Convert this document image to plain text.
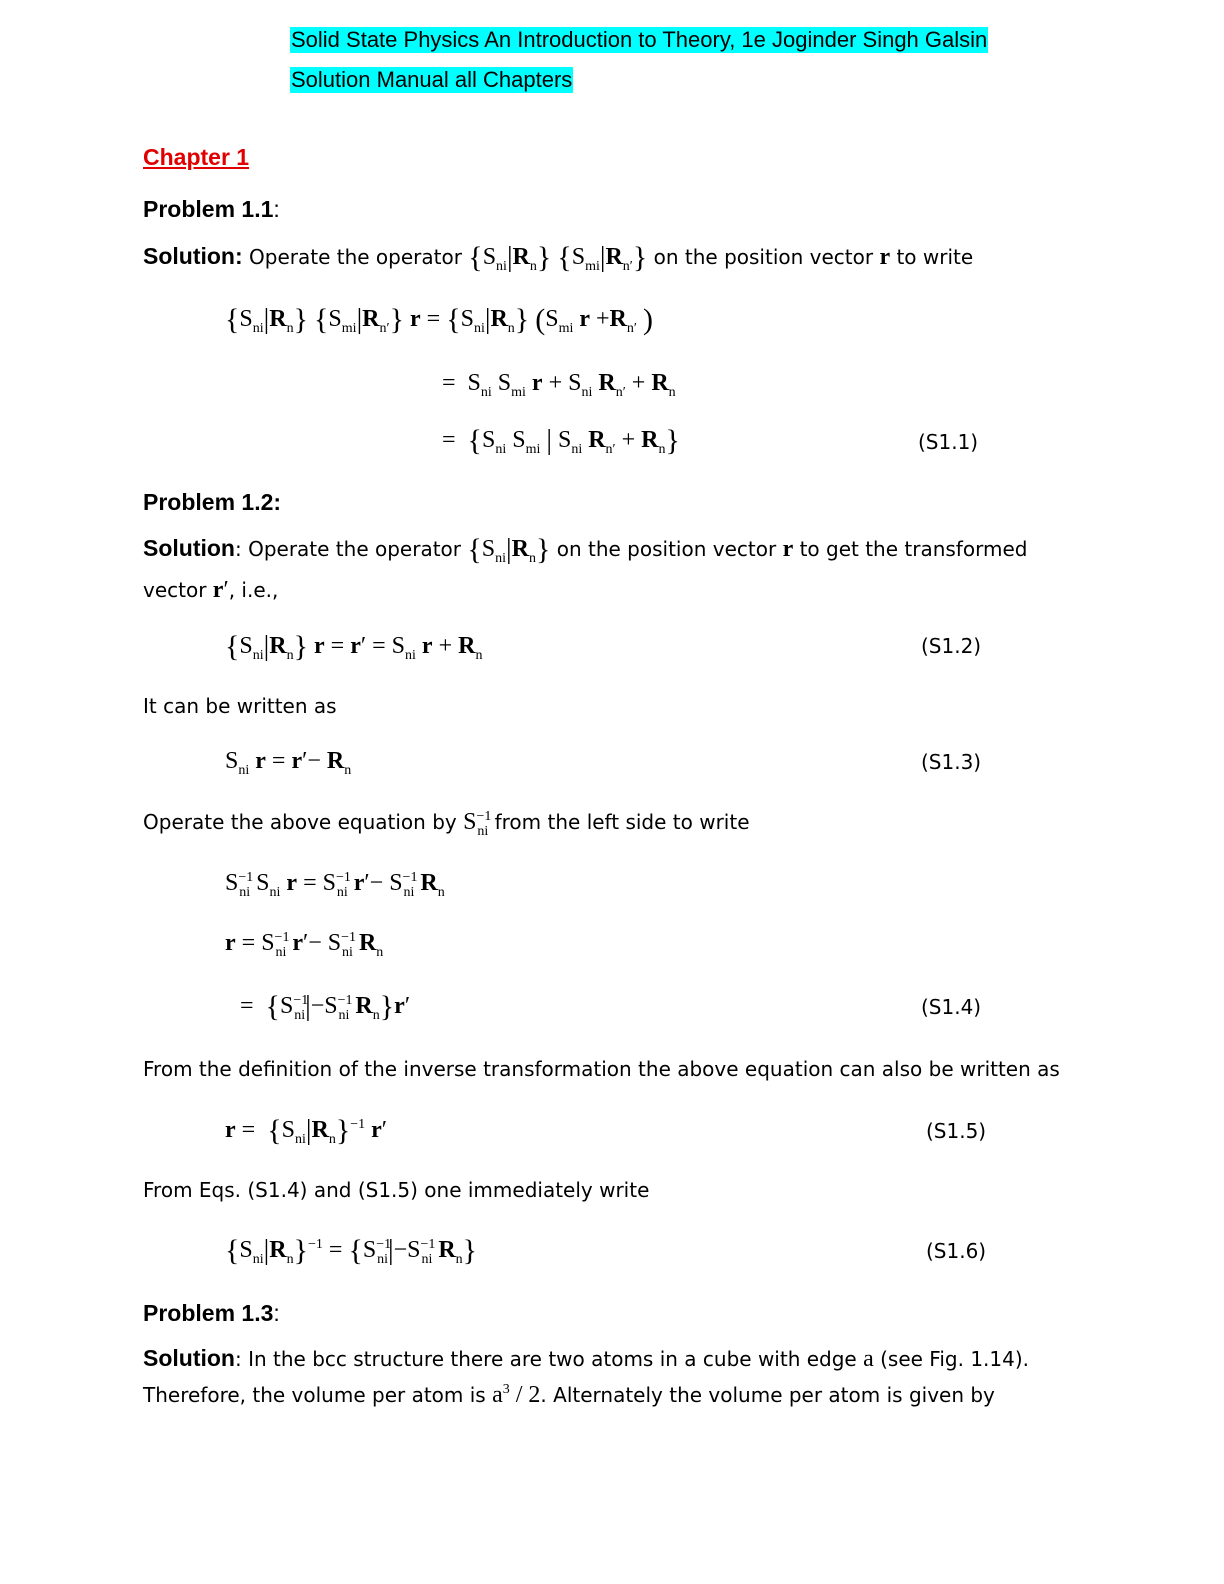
Solid State Physics An Introduction to Theory, 1e Joginder Singh Galsin
Solution Manual all Chapters
Chapter 1
Problem 1.1:
Solution: Operate the operator $\{S_{ni}|R_n\}$ $\{S_{mi}|R_{n'}\}$ on the position vector r to write
$\{S_{ni}|R_n\}$ $\{S_{mi}|R_{n'}\} r = \{S_{ni}|R_n\}$ ($S_{mi}$ $r +R_{n'}$ )
=  $S_{ni}$ $S_{mi}$ $r + S_{ni}$ $R_{n'} + R_n$
=  {$S_{ni}$ $S_{mi}$ | $S_{ni}$ $R_{n'} + R_n$}	(S1.1)
Problem 1.2:
Solution: Operate the operator $\{S_{ni}|R_n\}$ on the position vector r to get the transformed
vector r′, i.e.,
$\{S_{ni}|R_n\} r = r' = S_{ni}$ $r + R_n$	(S1.2)
It can be written as
$S_{ni}$ $r = r'- R_n$	(S1.3)
Operate the above equation by $S^{-1}_{ni}$ from the left side to write
$S^{-1}_{ni}$ $S_{ni}$ $r = S^{-1}_{ni}$ $r'- S^{-1}_{ni}$ $R_n$
$r = S^{-1}_{ni}$ $r'- S^{-1}_{ni}$ $R_n$
=  {$S^{-1}_{ni}|-S^{-1}_{ni}$ $R_n\}r'$	(S1.4)
From the definition of the inverse transformation the above equation can also be written as
$r = \{S_{ni}|R_n\}^{-1}$ r′	(S1.5)
From Eqs. (S1.4) and (S1.5) one immediately write
$\{S_{ni}|R_n\}^{-1} = \{S^{-1}_{ni}|-S^{-1}_{ni}$ $R_n$}	(S1.6)
Problem 1.3:
Solution: In the bcc structure there are two atoms in a cube with edge a (see Fig. 1.14).
Therefore, the volume per atom is $a^3 / 2$. Alternately the volume per atom is given by
